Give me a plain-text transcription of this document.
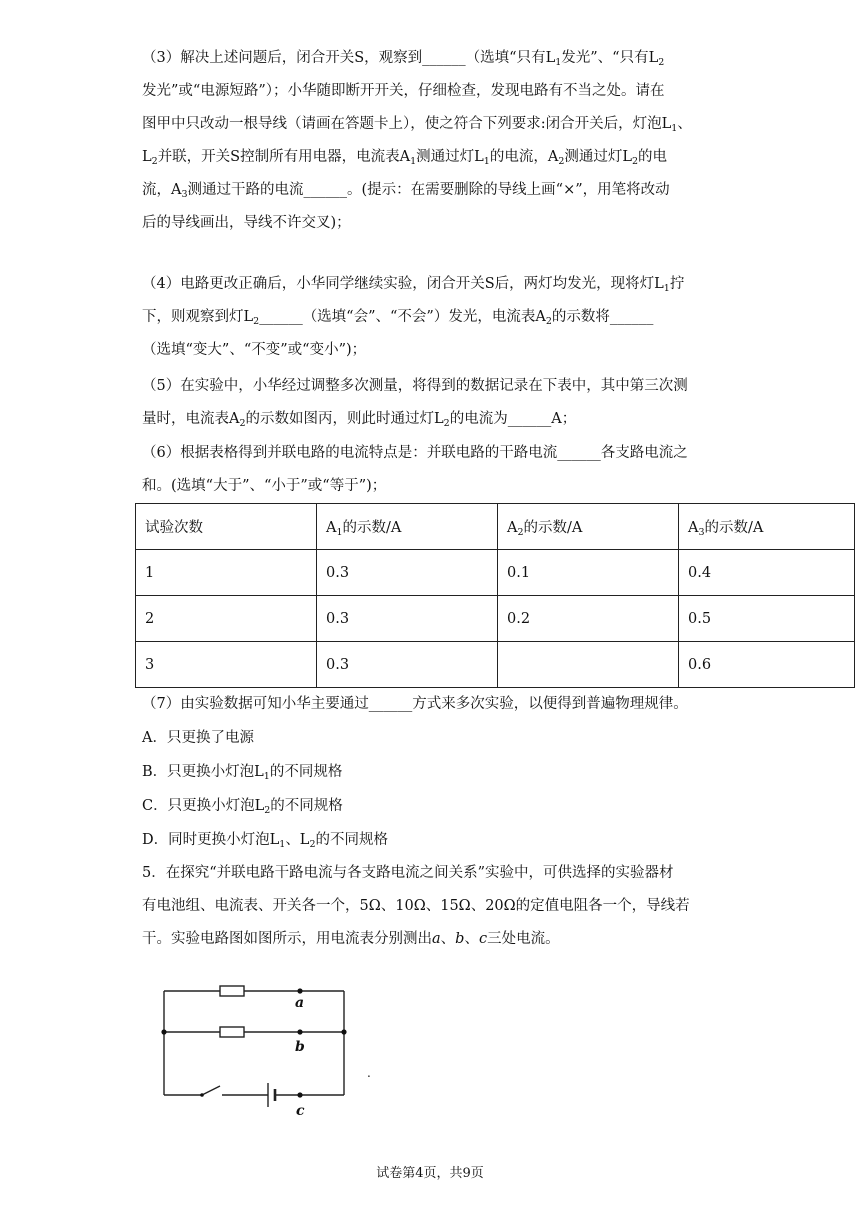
（3）解决上述问题后，闭合开关S，观察到______（选填“只有$L_1$发光”、“只有$L_2$
发光”或“电源短路”）；小华随即断开开关，仔细检查，发现电路有不当之处。请在
图甲中只改动一根导线（请画在答题卡上），使之符合下列要求:闭合开关后，灯泡$L_1$、
$L_2$并联，开关S控制所有用电器，电流表$A_1$测通过灯$L_1$的电流，$A_2$测通过灯$L_2$的电
流，$A_3$测通过干路的电流______。(提示：在需要删除的导线上画“×”，用笔将改动
后的导线画出，导线不许交叉)；
（4）电路更改正确后，小华同学继续实验，闭合开关S后，两灯均发光，现将灯$L_1$拧
下，则观察到灯$L_2\_\_\_\_\_\_$（选填“会”、“不会”）发光，电流表$A_2$的示数将______
（选填“变大”、“不变”或“变小”)；
（5）在实验中，小华经过调整多次测量，将得到的数据记录在下表中，其中第三次测
量时，电流表$A_2$的示数如图丙，则此时通过灯$L_2$的电流为______A；
（6）根据表格得到并联电路的电流特点是：并联电路的干路电流______各支路电流之
和。(选填“大于”、“小于”或“等于”)；
试验次数	$A_1$的示数/A	$A_2$的示数/A	$A_3$的示数/A
1	0.3	0.1	0.4
2	0.3	0.2	0.5
3	0.3		0.6
（7）由实验数据可知小华主要通过______方式来多次实验，以便得到普遍物理规律。
A．只更换了电源
B．只更换小灯泡$L_1$的不同规格
C．只更换小灯泡$L_2$的不同规格
D．同时更换小灯泡$L_1$、$L_2$的不同规格
5．在探究“并联电路干路电流与各支路电流之间关系”实验中，可供选择的实验器材
有电池组、电流表、开关各一个，5Ω、10Ω、15Ω、20Ω的定值电阻各一个，导线若
干。实验电路图如图所示，用电流表分别测出a、b、c三处电流。
a
b
c
.
试卷第4页，共9页
